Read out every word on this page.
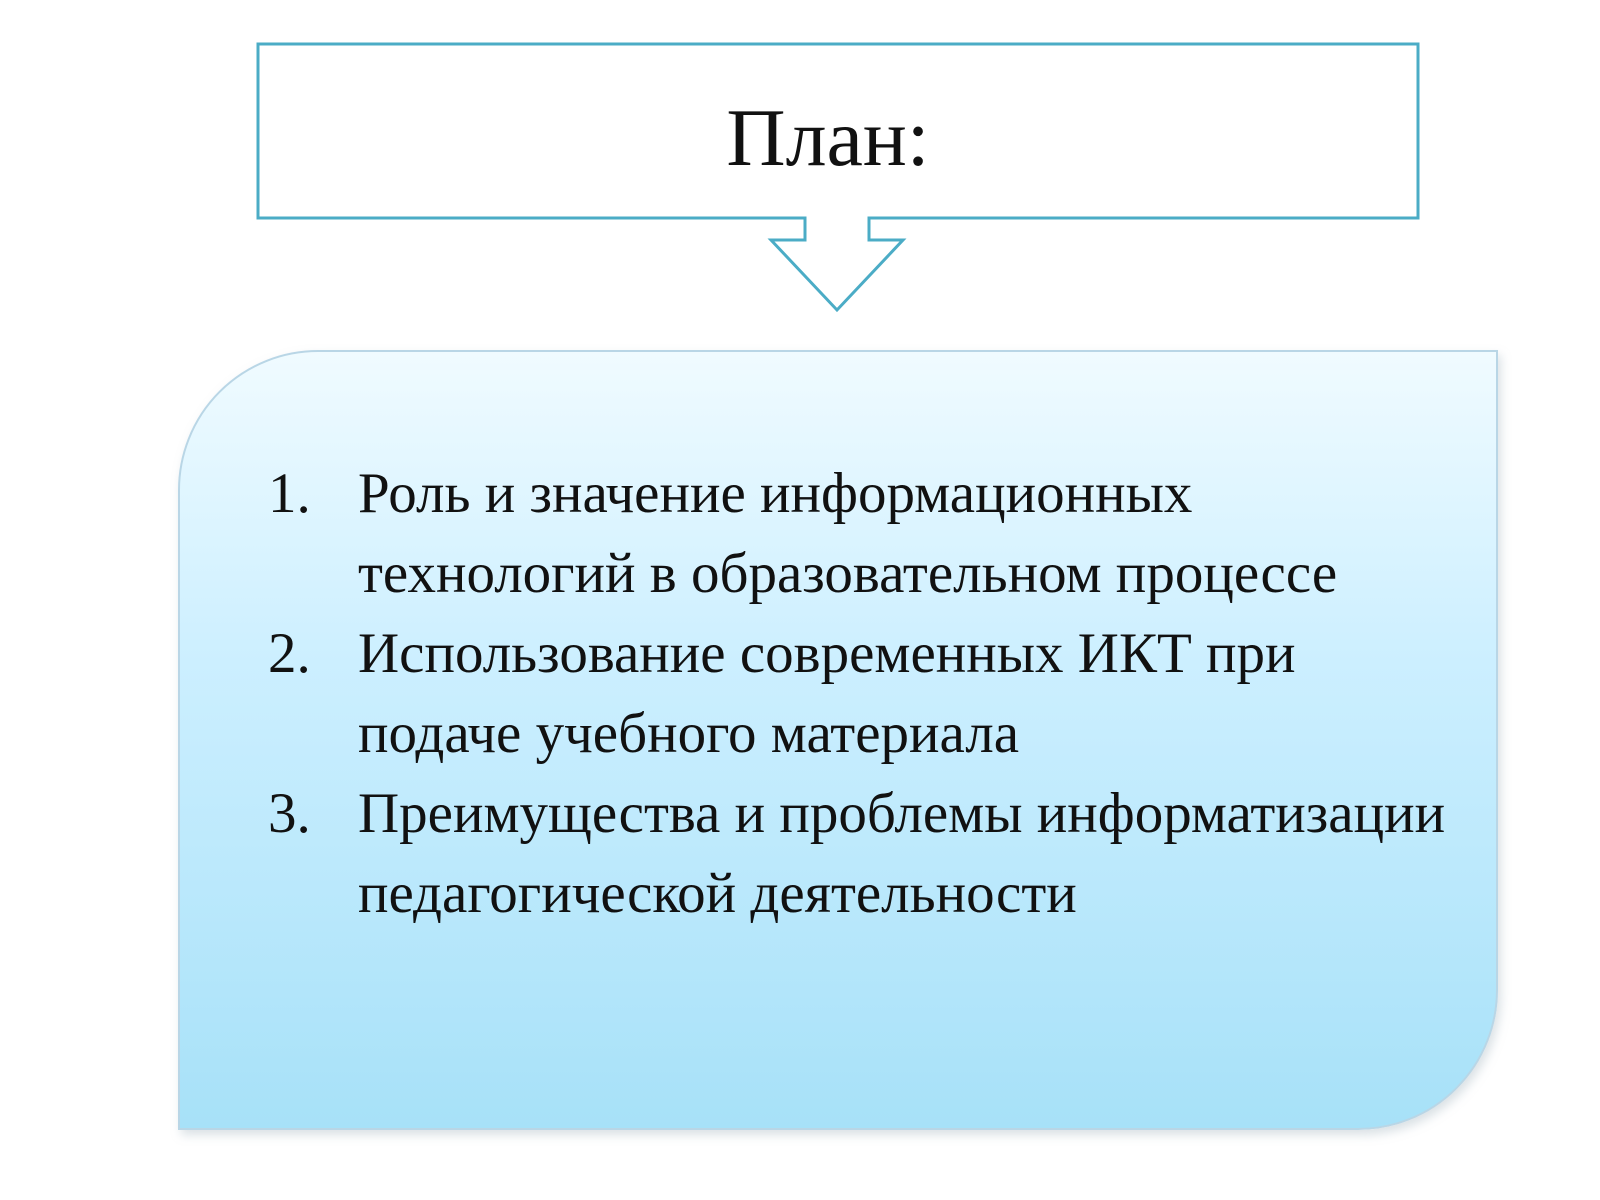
План:
1. Роль и значение информационных технологий в образовательном процессе
2. Использование современных ИКТ при подаче учебного материала
3. Преимущества и проблемы информатизации педагогической деятельности
